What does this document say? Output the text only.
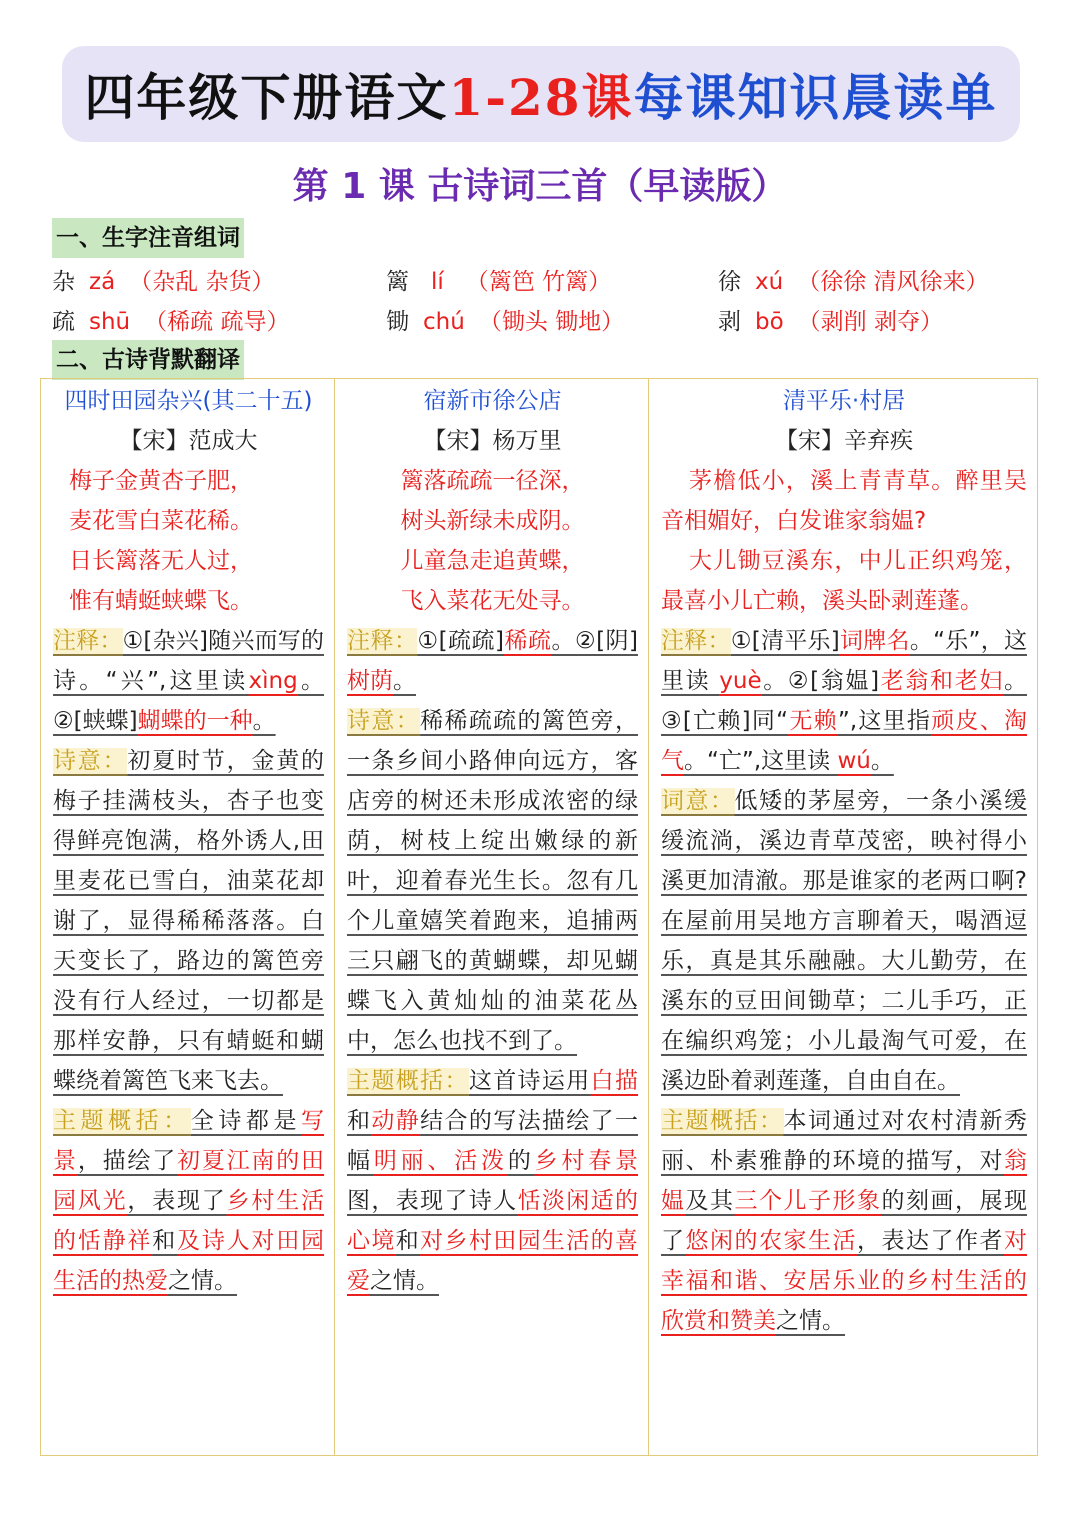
四年级下册语文 1-28课 每课知识晨读单
第 1 课 古诗词三首（早读版）
一、生字注音组词
杂 zá （杂乱 杂货）	篱 lí （篱笆 竹篱）	徐 xú （徐徐 清风徐来）
疏 shū （稀疏 疏导）	锄 chú （锄头 锄地）	剥 bō （剥削 剥夺）
二、古诗背默翻译
四时田园杂兴(其二十五)
【宋】范成大
梅子金黄杏子肥，
麦花雪白菜花稀。
日长篱落无人过，
惟有蜻蜓蛱蝶飞。
注释：①[杂兴]随兴而写的诗。“兴”,这里读xìng。②[蛱蝶]蝴蝶的一种。
诗意：初夏时节，金黄的梅子挂满枝头，杏子也变得鲜亮饱满，格外诱人,田里麦花已雪白，油菜花却谢了，显得稀稀落落。白天变长了，路边的篱笆旁没有行人经过，一切都是那样安静，只有蜻蜓和蝴蝶绕着篱笆飞来飞去。
主题概括：全诗都是写景，描绘了初夏江南的田园风光，表现了乡村生活的恬静祥和及诗人对田园生活的热爱之情。
宿新市徐公店
【宋】杨万里
篱落疏疏一径深，
树头新绿未成阴。
儿童急走追黄蝶，
飞入菜花无处寻。
注释：①[疏疏]稀疏。②[阴]树荫。
诗意：稀稀疏疏的篱笆旁，一条乡间小路伸向远方，客店旁的树还未形成浓密的绿荫，树枝上绽出嫩绿的新叶，迎着春光生长。忽有几个儿童嬉笑着跑来，追捕两三只翩飞的黄蝴蝶，却见蝴蝶飞入黄灿灿的油菜花丛中，怎么也找不到了。
主题概括：这首诗运用白描和动静结合的写法描绘了一幅明丽、活泼的乡村春景图，表现了诗人恬淡闲适的心境和对乡村田园生活的喜爱之情。
清平乐·村居
【宋】辛弃疾
茅檐低小，溪上青青草。醉里吴音相媚好，白发谁家翁媪?
大儿锄豆溪东，中儿正织鸡笼，最喜小儿亡赖，溪头卧剥莲蓬。
注释：①[清平乐]词牌名。“乐”，这里读 yuè。②[翁媪]老翁和老妇。③[亡赖]同“无赖”,这里指顽皮、淘气。“亡”,这里读 wú。
词意：低矮的茅屋旁，一条小溪缓缓流淌，溪边青草茂密，映衬得小溪更加清澈。那是谁家的老两口啊?在屋前用吴地方言聊着天，喝酒逗乐，真是其乐融融。大儿勤劳，在溪东的豆田间锄草；二儿手巧，正在编织鸡笼；小儿最淘气可爱，在溪边卧着剥莲蓬，自由自在。
主题概括：本词通过对农村清新秀丽、朴素雅静的环境的描写，对翁媪及其三个儿子形象的刻画，展现了悠闲的农家生活，表达了作者对幸福和谐、安居乐业的乡村生活的欣赏和赞美之情。
